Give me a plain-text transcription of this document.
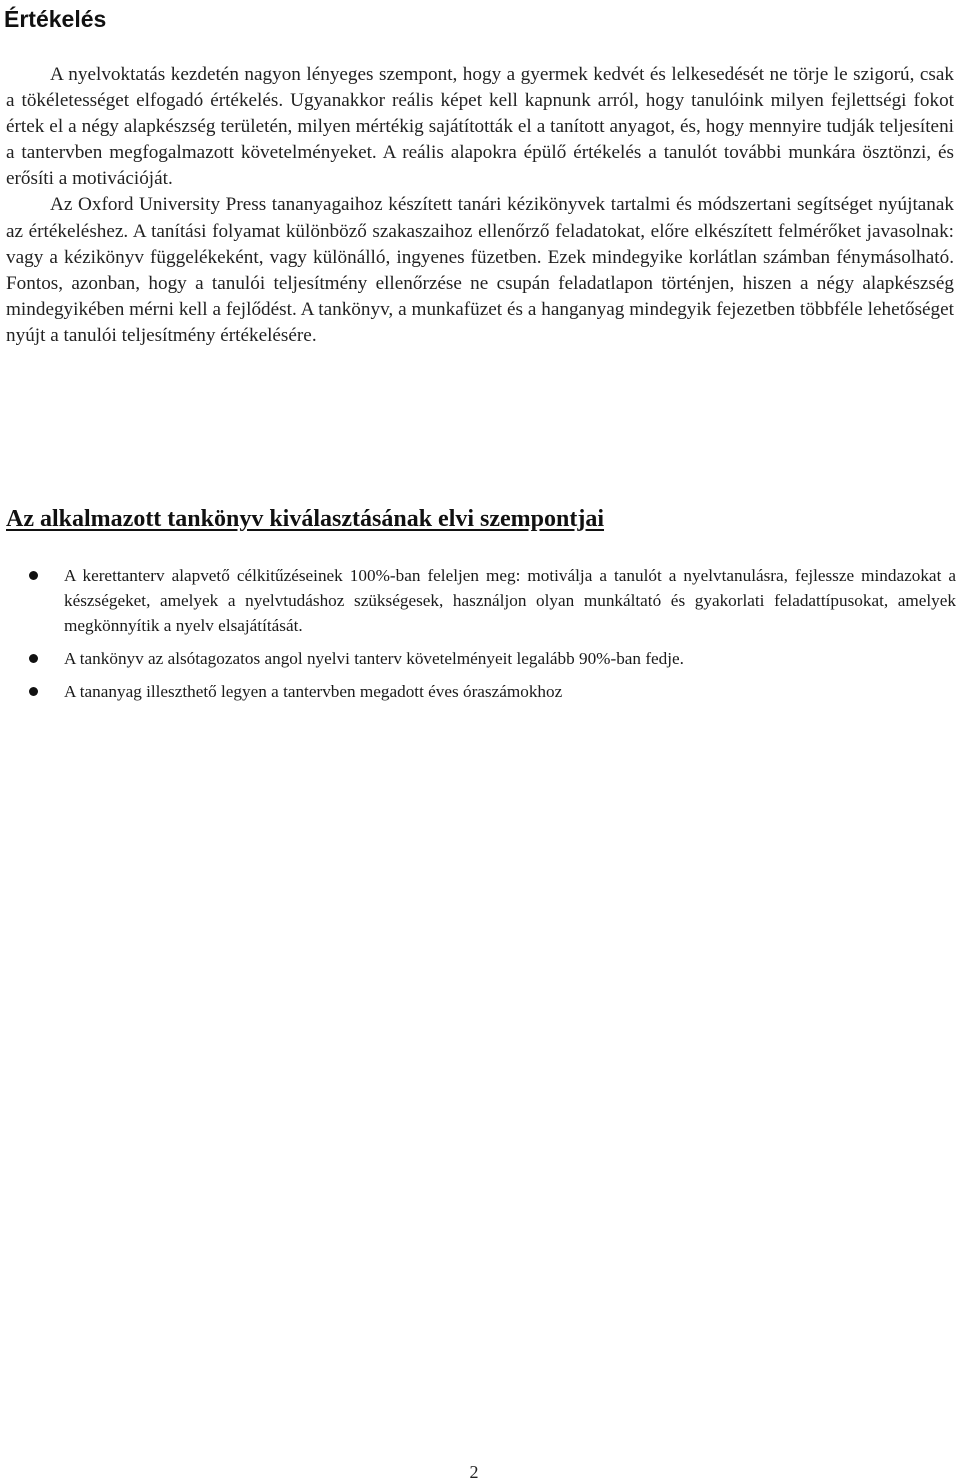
Értékelés

A nyelvoktatás kezdetén nagyon lényeges szempont, hogy a gyermek kedvét és lelkesedését ne törje le szigorú, csak a tökéletességet elfogadó értékelés. Ugyanakkor reális képet kell kapnunk arról, hogy tanulóink milyen fejlettségi fokot értek el a négy alapkészség területén, milyen mértékig sajátították el a tanított anyagot, és, hogy mennyire tudják teljesíteni a tantervben megfogalmazott követelményeket. A reális alapokra épülő értékelés a tanulót további munkára ösztönzi, és erősíti a motivációját.

Az Oxford University Press tananyagaihoz készített tanári kézikönyvek tartalmi és módszertani segítséget nyújtanak az értékeléshez. A tanítási folyamat különböző szakaszaihoz ellenőrző feladatokat, előre elkészített felmérőket javasolnak: vagy a kézikönyv függelékeként, vagy különálló, ingyenes füzetben. Ezek mindegyike korlátlan számban fénymásolható. Fontos, azonban, hogy a tanulói teljesítmény ellenőrzése ne csupán feladatlapon történjen, hiszen a négy alapkészség mindegyikében mérni kell a fejlődést. A tankönyv, a munkafüzet és a hanganyag mindegyik fejezetben többféle lehetőséget nyújt a tanulói teljesítmény értékelésére.

Az alkalmazott tankönyv kiválasztásának elvi szempontjai
A kerettanterv alapvető célkitűzéseinek 100%-ban feleljen meg: motiválja a tanulót a nyelvtanulásra, fejlessze mindazokat a készségeket, amelyek a nyelvtudáshoz szükségesek, használjon olyan munkáltató és gyakorlati feladattípusokat, amelyek megkönnyítik a nyelv elsajátítását.
A tankönyv az alsótagozatos angol nyelvi tanterv követelményeit legalább 90%-ban fedje.
A tananyag illeszthető legyen a tantervben megadott éves óraszámokhoz
2
